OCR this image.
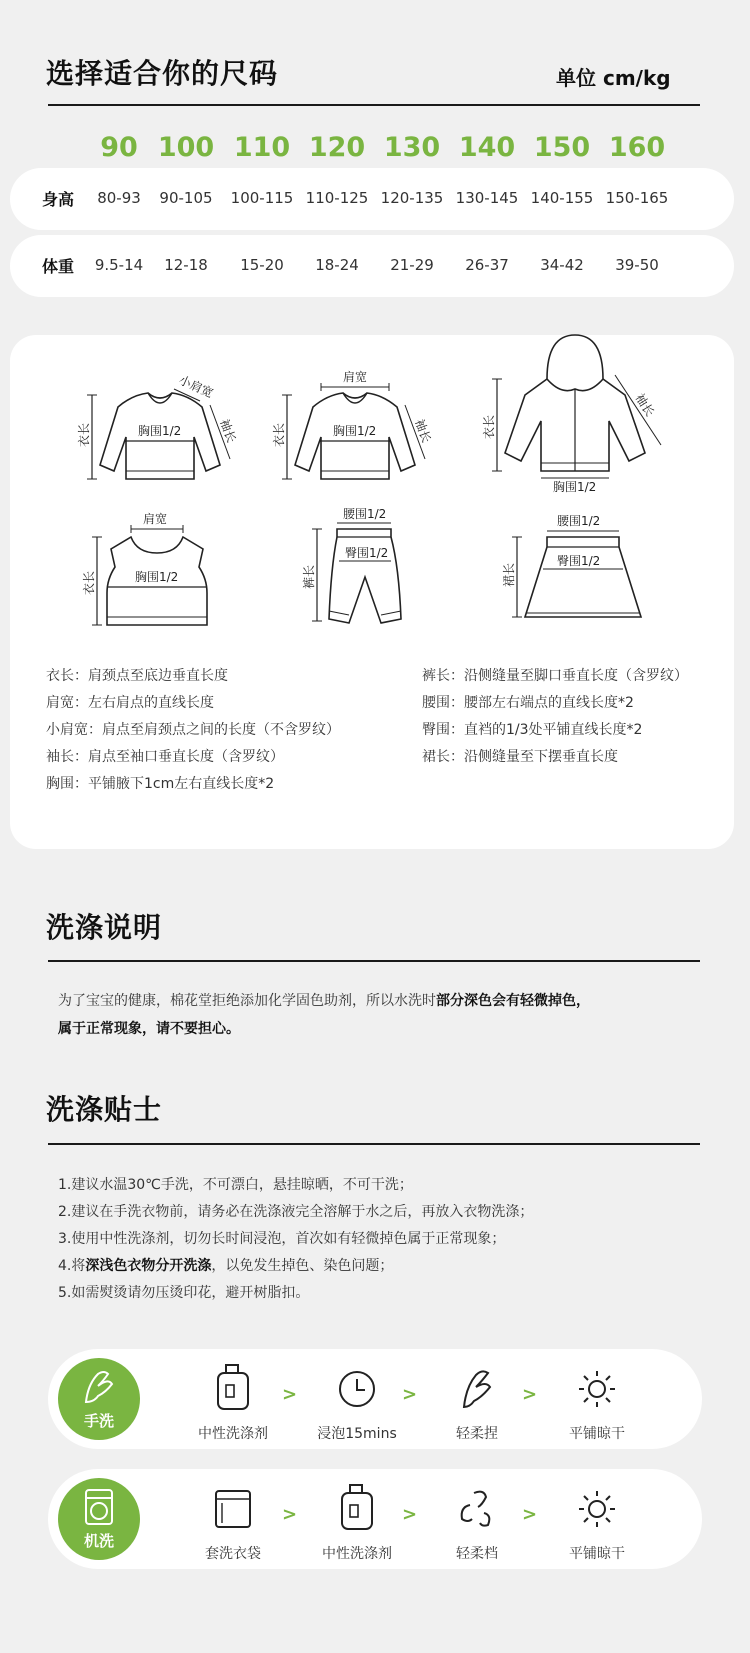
选择适合你的尺码	单位 cm/kg
90 100 110 120 130 140 150 160
身高 80-93 90-105 100-115 110-125 120-135 130-145 140-155 150-165
体重 9.5-14 12-18 15-20 18-24 21-29 26-37 34-42 39-50
衣长
小肩宽
袖长
胸围1/2	衣长
肩宽
袖长
胸围1/2	衣长
袖长
胸围1/2
肩宽
衣长	胸围1/2
腰围1/2
臀围1/2
裤长
腰围1/2
臀围1/2
裙长
衣长：肩颈点至底边垂直长度
肩宽：左右肩点的直线长度
小肩宽：肩点至肩颈点之间的长度（不含罗纹）
袖长：肩点至袖口垂直长度（含罗纹）
胸围：平铺腋下1cm左右直线长度*2
裤长：沿侧缝量至脚口垂直长度（含罗纹）
腰围：腰部左右端点的直线长度*2
臀围：直裆的1/3处平铺直线长度*2
裙长：沿侧缝量至下摆垂直长度
洗涤说明
为了宝宝的健康，棉花堂拒绝添加化学固色助剂，所以水洗时部分深色会有轻微掉色，
属于正常现象，请不要担心。
洗涤贴士
1.建议水温30℃手洗，不可漂白，悬挂晾晒，不可干洗；
2.建议在手洗衣物前，请务必在洗涤液完全溶解于水之后，再放入衣物洗涤；
3.使用中性洗涤剂，切勿长时间浸泡，首次如有轻微掉色属于正常现象；
4.将深浅色衣物分开洗涤，以免发生掉色、染色问题；
5.如需熨烫请勿压烫印花，避开树脂扣。
手洗
中性洗涤剂
>
浸泡15mins
>
轻柔捏
>
平铺晾干
机洗
套洗衣袋
>
中性洗涤剂
>
轻柔档
>
平铺晾干
